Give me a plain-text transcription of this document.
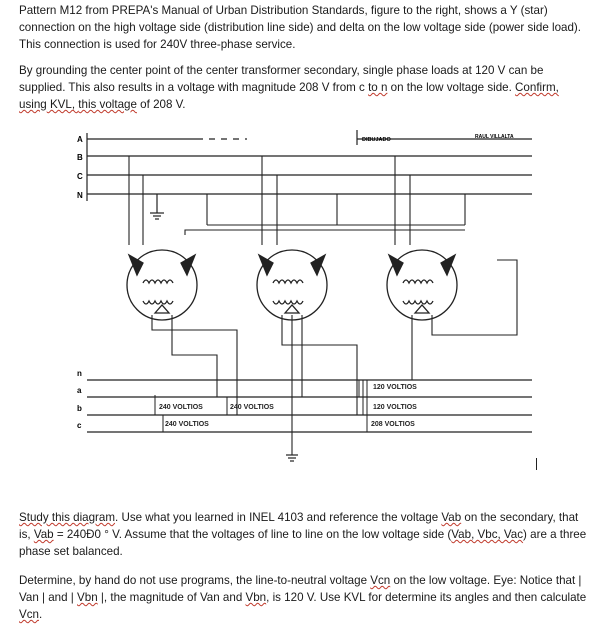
Pattern M12 from PREPA's Manual of Urban Distribution Standards, figure to the right, shows a Y (star) connection on the high voltage side (distribution line side) and delta on the low voltage side (power side load). This connection is used for 240V three-phase service.

By grounding the center point of the center transformer secondary, single phase loads at 120 V can be supplied. This also results in a voltage with magnitude 208 V from c to n on the low voltage side. Confirm, using KVL, this voltage of 208 V.

A
B
C
N
DIBUJADO	RAUL VILLALTA
n
a
b
c
240 VOLTIOS	240 VOLTIOS
240 VOLTIOS
120 VOLTIOS
120 VOLTIOS
208 VOLTIOS

Study this diagram. Use what you learned in INEL 4103 and reference the voltage Vab on the secondary, that is, Vab = 240Ð0 ° V. Assume that the voltages of line to line on the low voltage side (Vab, Vbc, Vac) are a three phase set balanced.

Determine, by hand do not use programs, the line-to-neutral voltage Vcn on the low voltage. Eye: Notice that | Van | and | Vbn |, the magnitude of Van and Vbn, is 120 V. Use KVL for determine its angles and then calculate Vcn.
